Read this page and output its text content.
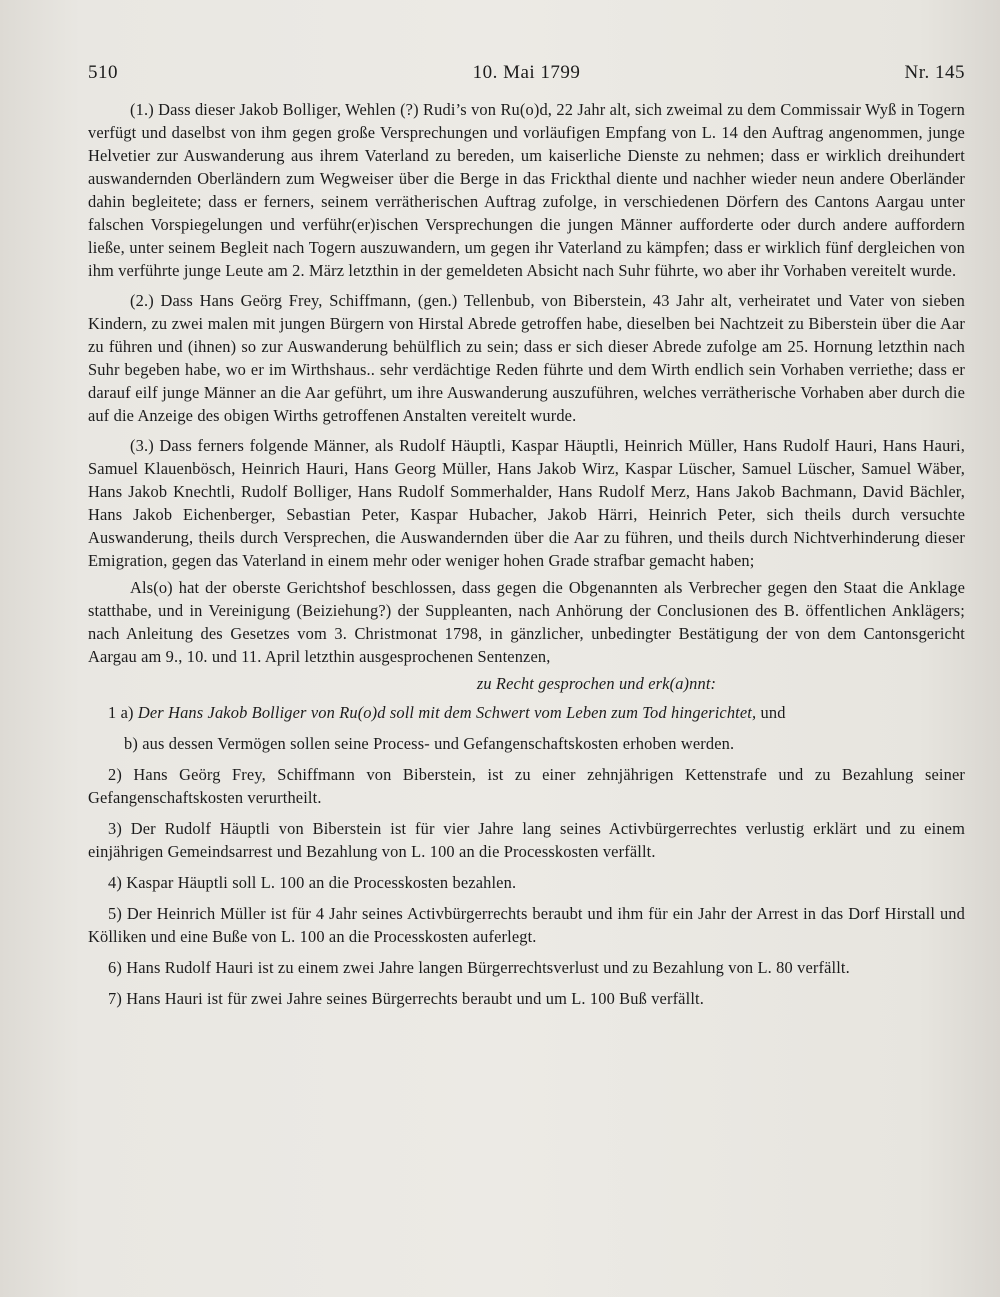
510	10. Mai 1799	Nr. 145

(1.) Dass dieser Jakob Bolliger, Wehlen (?) Rudi’s von Ru(o)d, 22 Jahr alt, sich zweimal zu dem Commissair Wyß in Togern verfügt und daselbst von ihm gegen große Versprechungen und vorläufigen Empfang von L. 14 den Auftrag angenommen, junge Helvetier zur Auswanderung aus ihrem Vaterland zu bereden, um kaiserliche Dienste zu nehmen; dass er wirklich dreihundert auswandernden Oberländern zum Wegweiser über die Berge in das Frickthal diente und nachher wieder neun andere Oberländer dahin begleitete; dass er ferners, seinem verrätherischen Auftrag zufolge, in verschiedenen Dörfern des Cantons Aargau unter falschen Vorspiegelungen und verführ(er)ischen Versprechungen die jungen Männer aufforderte oder durch andere auffordern ließe, unter seinem Begleit nach Togern auszuwandern, um gegen ihr Vaterland zu kämpfen; dass er wirklich fünf dergleichen von ihm verführte junge Leute am 2. März letzthin in der gemeldeten Absicht nach Suhr führte, wo aber ihr Vorhaben vereitelt wurde.

(2.) Dass Hans Geörg Frey, Schiffmann, (gen.) Tellenbub, von Biberstein, 43 Jahr alt, verheiratet und Vater von sieben Kindern, zu zwei malen mit jungen Bürgern von Hirstal Abrede getroffen habe, dieselben bei Nachtzeit zu Biberstein über die Aar zu führen und (ihnen) so zur Auswanderung behülflich zu sein; dass er sich dieser Abrede zufolge am 25. Hornung letzthin nach Suhr begeben habe, wo er im Wirthshaus.. sehr verdächtige Reden führte und dem Wirth endlich sein Vorhaben verriethe; dass er darauf eilf junge Männer an die Aar geführt, um ihre Auswanderung auszuführen, welches verrätherische Vorhaben aber durch die auf die Anzeige des obigen Wirths getroffenen Anstalten vereitelt wurde.

(3.) Dass ferners folgende Männer, als Rudolf Häuptli, Kaspar Häuptli, Heinrich Müller, Hans Rudolf Hauri, Hans Hauri, Samuel Klauenbösch, Heinrich Hauri, Hans Georg Müller, Hans Jakob Wirz, Kaspar Lüscher, Samuel Lüscher, Samuel Wäber, Hans Jakob Knechtli, Rudolf Bolliger, Hans Rudolf Sommerhalder, Hans Rudolf Merz, Hans Jakob Bachmann, David Bächler, Hans Jakob Eichenberger, Sebastian Peter, Kaspar Hubacher, Jakob Härri, Heinrich Peter, sich theils durch versuchte Auswanderung, theils durch Versprechen, die Auswandernden über die Aar zu führen, und theils durch Nichtverhinderung dieser Emigration, gegen das Vaterland in einem mehr oder weniger hohen Grade strafbar gemacht haben;

Als(o) hat der oberste Gerichtshof beschlossen, dass gegen die Obgenannten als Verbrecher gegen den Staat die Anklage statthabe, und in Vereinigung (Beiziehung?) der Suppleanten, nach Anhörung der Conclusionen des B. öffentlichen Anklägers; nach Anleitung des Gesetzes vom 3. Christmonat 1798, in gänzlicher, unbedingter Bestätigung der von dem Cantonsgericht Aargau am 9., 10. und 11. April letzthin ausgesprochenen Sentenzen,

zu Recht gesprochen und erk(a)nnt:

1 a) Der Hans Jakob Bolliger von Ru(o)d soll mit dem Schwert vom Leben zum Tod hingerichtet, und

b) aus dessen Vermögen sollen seine Process- und Gefangenschaftskosten erhoben werden.

2) Hans Geörg Frey, Schiffmann von Biberstein, ist zu einer zehnjährigen Kettenstrafe und zu Bezahlung seiner Gefangenschaftskosten verurtheilt.

3) Der Rudolf Häuptli von Biberstein ist für vier Jahre lang seines Activbürgerrechtes verlustig erklärt und zu einem einjährigen Gemeindsarrest und Bezahlung von L. 100 an die Processkosten verfällt.

4) Kaspar Häuptli soll L. 100 an die Processkosten bezahlen.

5) Der Heinrich Müller ist für 4 Jahr seines Activbürgerrechts beraubt und ihm für ein Jahr der Arrest in das Dorf Hirstall und Kölliken und eine Buße von L. 100 an die Processkosten auferlegt.

6) Hans Rudolf Hauri ist zu einem zwei Jahre langen Bürgerrechtsverlust und zu Bezahlung von L. 80 verfällt.

7) Hans Hauri ist für zwei Jahre seines Bürgerrechts beraubt und um L. 100 Buß verfällt.
